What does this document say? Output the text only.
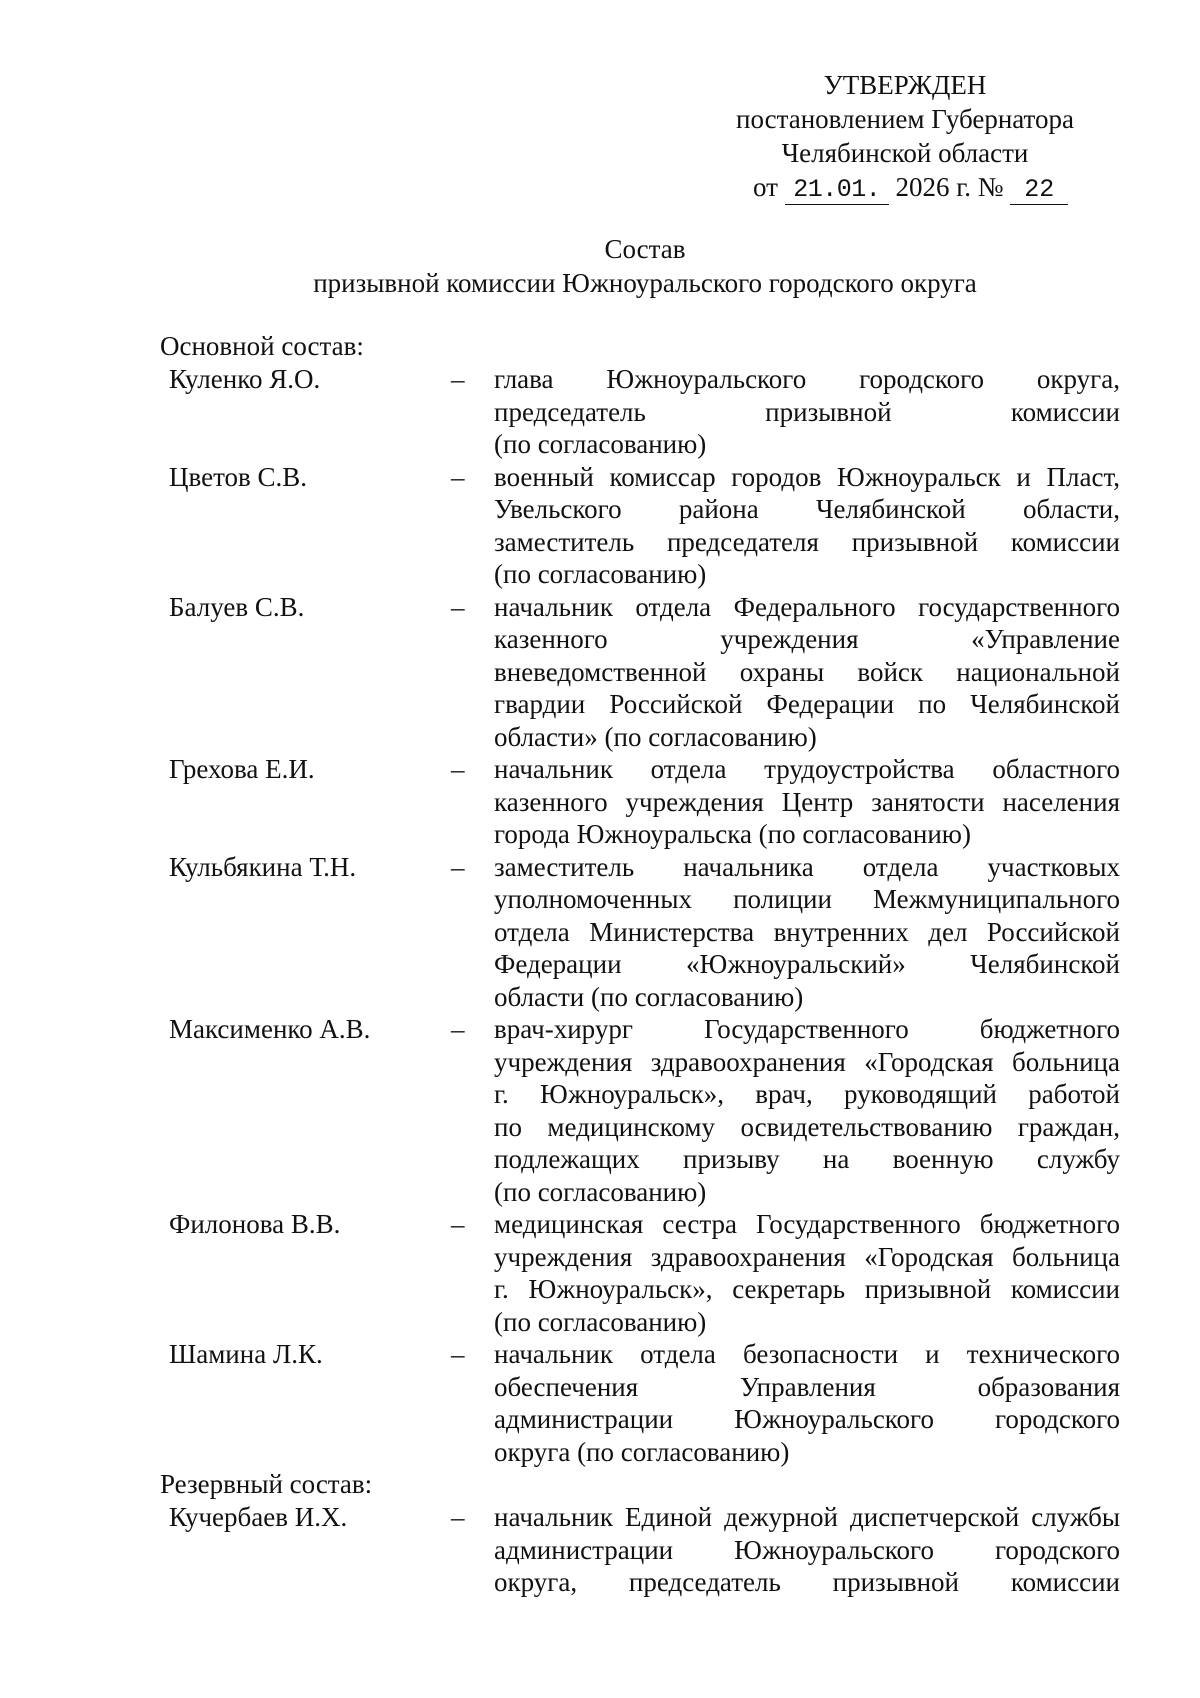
УТВЕРЖДЕН
постановлением Губернатора
Челябинской области
от 21.01. 2026 г. № 22
Состав
призывной комиссии Южноуральского городского округа
Основной состав:
Куленко Я.О.	–	глава Южноуральского городского округа,
председатель призывной комиссии
(по согласованию)
Цветов С.В.	–	военный комиссар городов Южноуральск и Пласт,
Увельского района Челябинской области,
заместитель председателя призывной комиссии
(по согласованию)
Балуев С.В.	–	начальник отдела Федерального государственного
казенного учреждения «Управление
вневедомственной охраны войск национальной
гвардии Российской Федерации по Челябинской
области» (по согласованию)
Грехова Е.И.	–	начальник отдела трудоустройства областного
казенного учреждения Центр занятости населения
города Южноуральска (по согласованию)
Кульбякина Т.Н.	–	заместитель начальника отдела участковых
уполномоченных полиции Межмуниципального
отдела Министерства внутренних дел Российской
Федерации «Южноуральский» Челябинской
области (по согласованию)
Максименко А.В.	–	врач-хирург Государственного бюджетного
учреждения здравоохранения «Городская больница
г. Южноуральск», врач, руководящий работой
по медицинскому освидетельствованию граждан,
подлежащих призыву на военную службу
(по согласованию)
Филонова В.В.	–	медицинская сестра Государственного бюджетного
учреждения здравоохранения «Городская больница
г. Южноуральск», секретарь призывной комиссии
(по согласованию)
Шамина Л.К.	–	начальник отдела безопасности и технического
обеспечения Управления образования
администрации Южноуральского городского
округа (по согласованию)
Резервный состав:
Кучербаев И.Х.	–	начальник Единой дежурной диспетчерской службы
администрации Южноуральского городского
округа, председатель призывной комиссии
